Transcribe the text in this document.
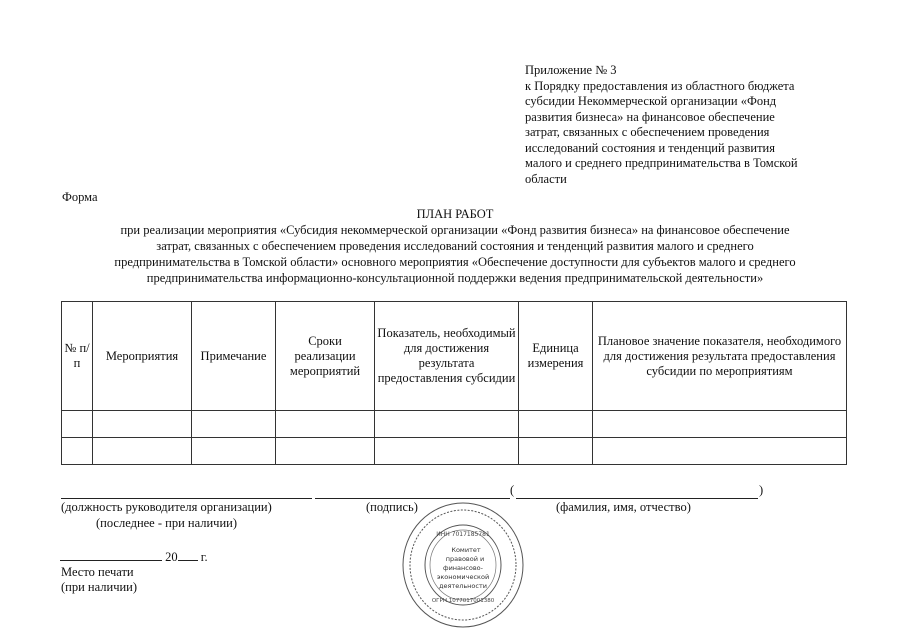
Приложение № 3
к Порядку предоставления из областного бюджета
субсидии Некоммерческой организации «Фонд
развития бизнеса» на финансовое обеспечение
затрат, связанных с обеспечением проведения
исследований состояния и тенденций развития
малого и среднего предпринимательства в Томской
области
Форма
ПЛАН РАБОТ
при реализации мероприятия «Субсидия некоммерческой организации «Фонд развития бизнеса» на финансовое обеспечение
затрат, связанных с обеспечением проведения исследований состояния и тенденций развития малого и среднего
предпринимательства в Томской области» основного мероприятия «Обеспечение доступности для субъектов малого и среднего
предпринимательства информационно-консультационной поддержки ведения предпринимательской деятельности»
№ п/п	Мероприятия	Примечание	Сроки реализации мероприятий	Показатель, необходимый для достижения результата предоставления субсидии	Единица измерения	Плановое значение показателя, необходимого для достижения результата предоставления субсидии по мероприятиям

(	)
(должность руководителя организации)
(последнее - при наличии)
(подпись)	(фамилия, имя, отчество)
20 г.
Место печати
(при наличии)
ИНН 7017185781
Комитет
правовой и
финансово-
экономической
деятельности
ОГРН 1077017001380
